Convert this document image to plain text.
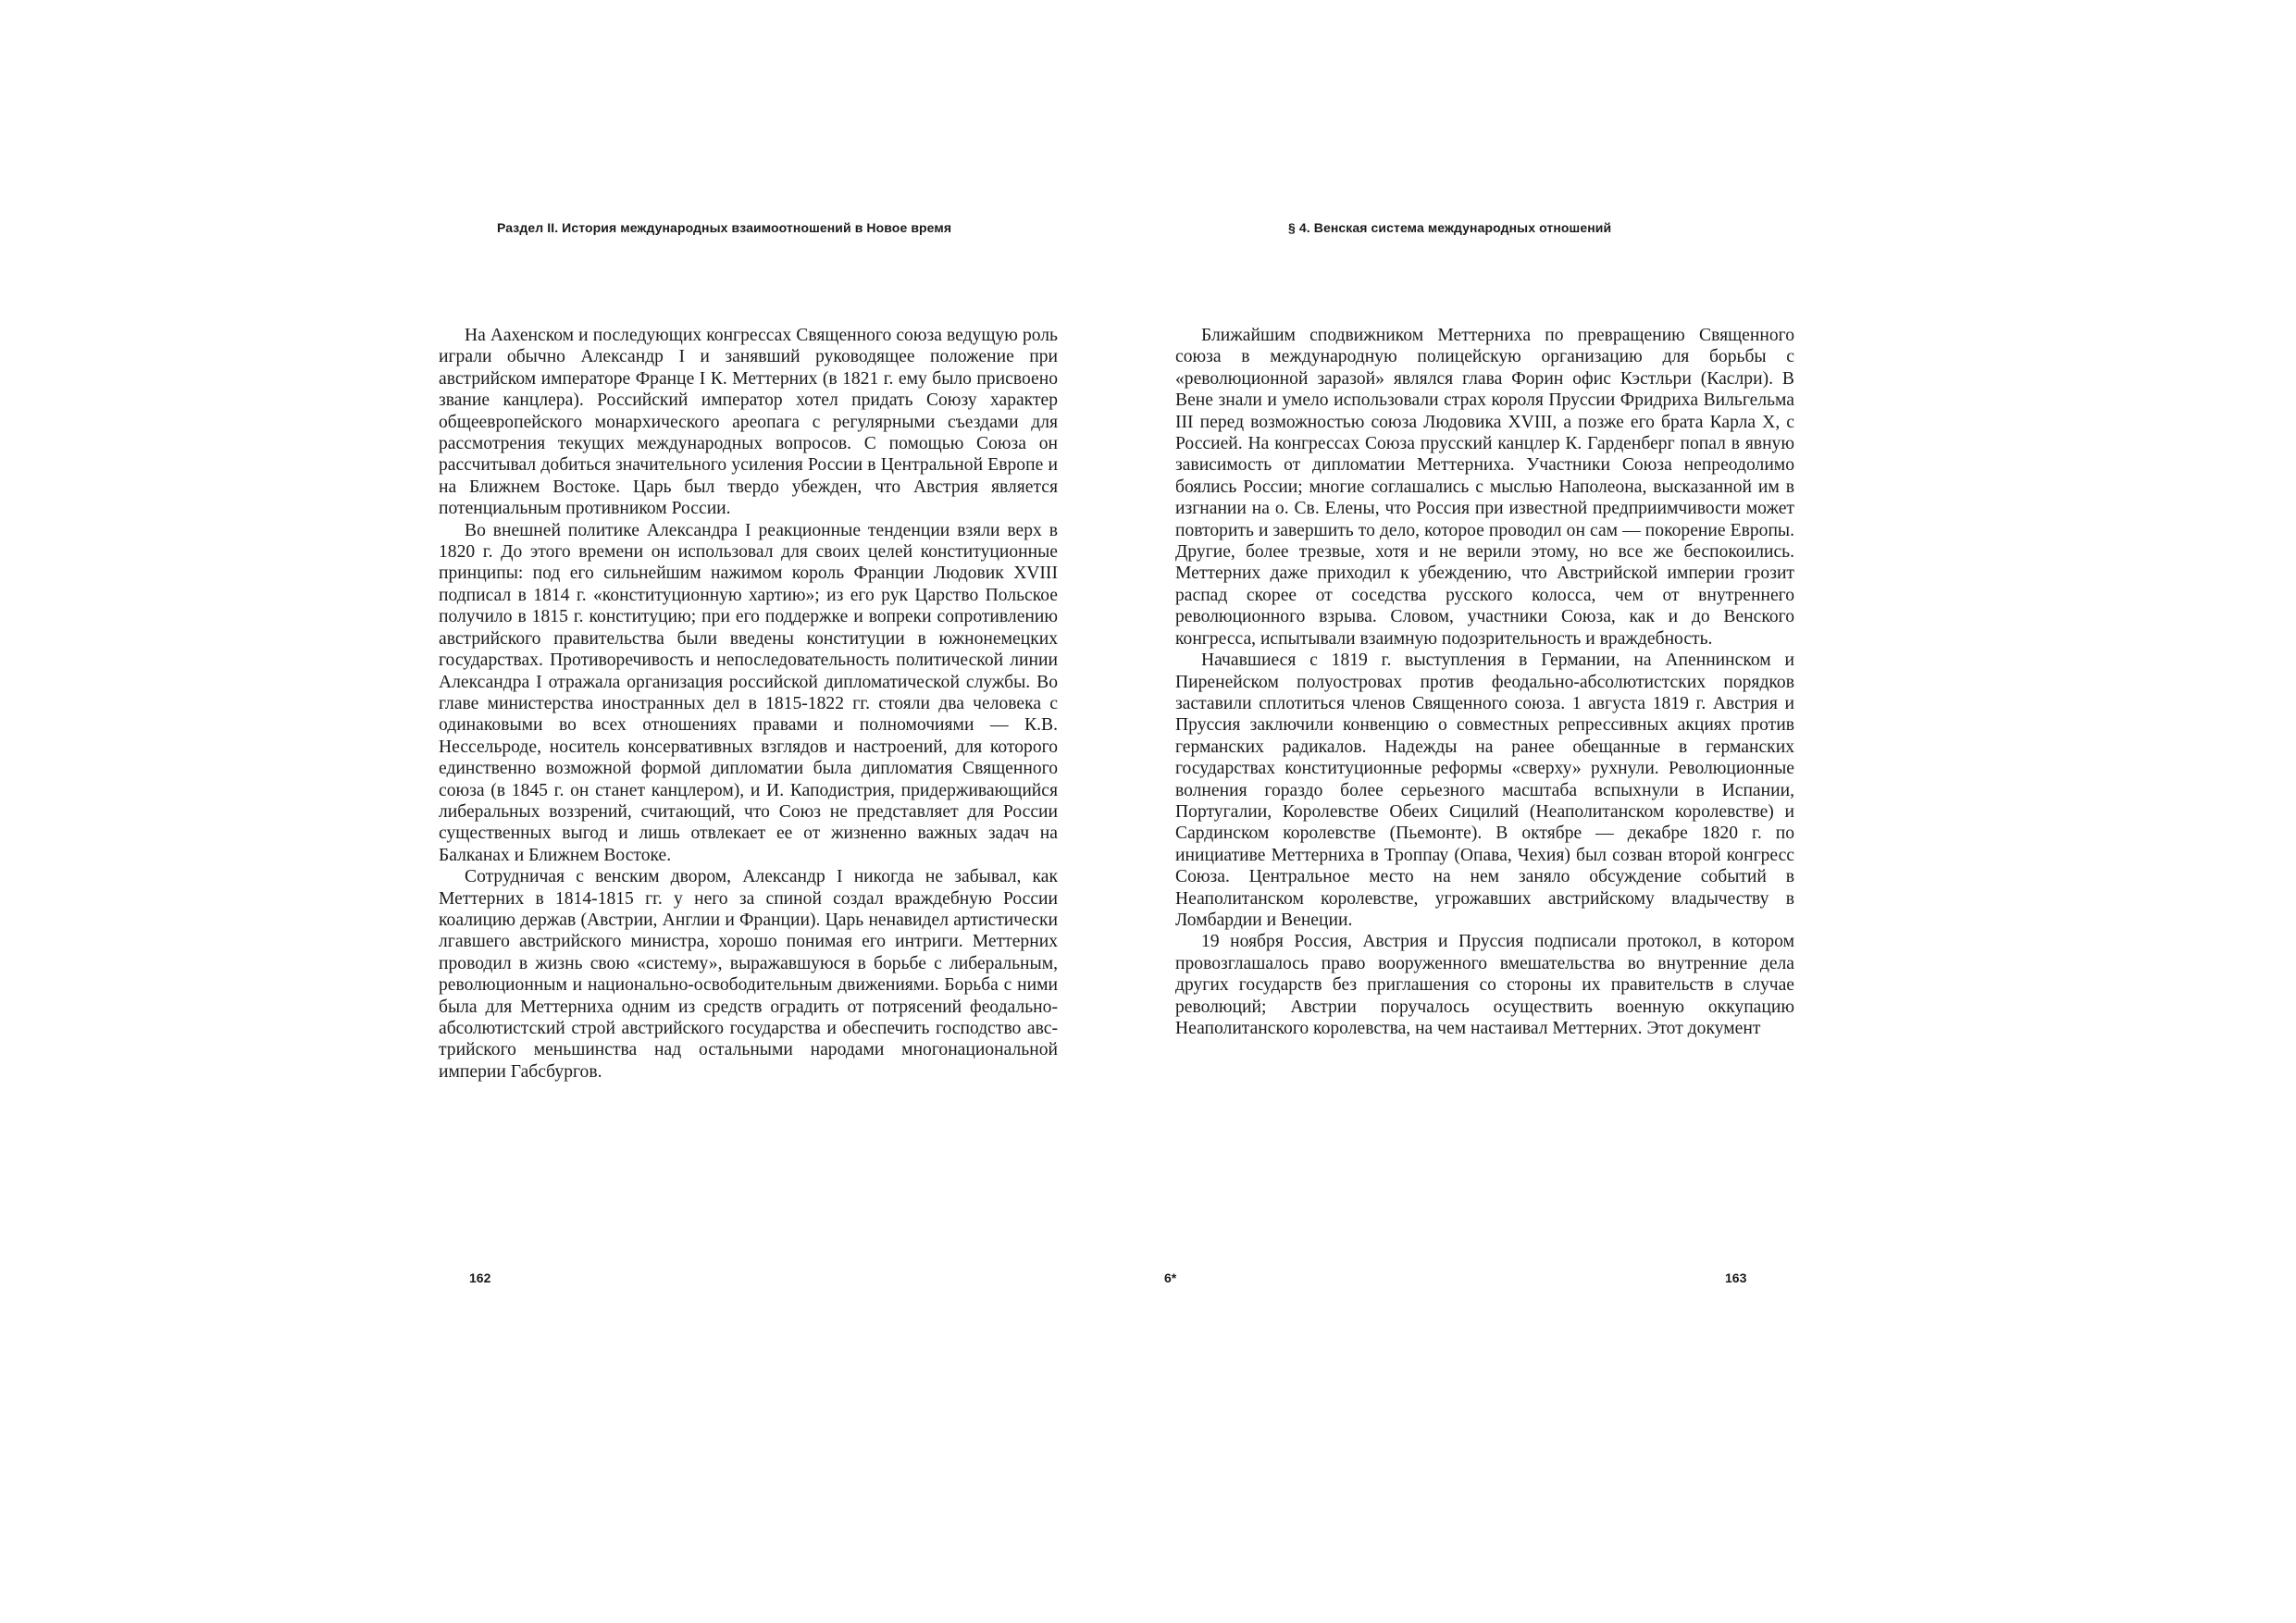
Раздел II. История международных взаимоотношений в Новое время

На Аахенском и последующих конгрессах Священного союза ведущую роль играли обычно Александр I и занявший руководящее положение при австрийском императоре Франце I К. Меттерних (в 1821 г. ему было присвоено звание канцлера). Российский император хотел придать Союзу характер общеевропейского монархического ареопага с регулярными съездами для рассмотрения текущих международных вопросов. С помощью Союза он рассчитывал добиться значительного усиления России в Центральной Европе и на Ближнем Востоке. Царь был твердо убежден, что Австрия является потенциальным противником России.

Во внешней политике Александра I реакционные тенденции взяли верх в 1820 г. До этого времени он использовал для своих целей конституционные принципы: под его сильнейшим нажимом король Франции Людовик XVIII подписал в 1814 г. «конституционную хартию»; из его рук Царство Польское получило в 1815 г. конституцию; при его поддержке и вопреки сопротивлению австрийского правительства были введены конституции в южнонемецких государствах. Противоречивость и непоследовательность политической линии Александра I отражала организация российской дипломатической службы. Во главе министерства иностранных дел в 1815-1822 гг. стояли два человека с одинаковыми во всех отношениях правами и полномочиями — К.В. Нессельроде, носитель консервативных взглядов и настроений, для которого единственно возможной формой дипломатии была дипломатия Священного союза (в 1845 г. он станет канцлером), и И. Каподистрия, придерживающийся либеральных воззрений, считающий, что Союз не представляет для России существенных выгод и лишь отвлекает ее от жизненно важных задач на Балканах и Ближнем Востоке.

Сотрудничая с венским двором, Александр I никогда не забывал, как Меттерних в 1814-1815 гг. у него за спиной создал враждебную России коалицию держав (Австрии, Англии и Франции). Царь ненавидел артистически лгавшего австрийского министра, хорошо понимая его интриги. Меттерних проводил в жизнь свою «систему», выражавшуюся в борьбе с либеральным, революционным и национально-освободительным движениями. Борьба с ними была для Меттерниха одним из средств оградить от потрясений феодально-абсолютистский строй австрийского государства и обеспечить господство австрийского меньшинства над остальными народами многонациональной империи Габсбургов.

162	6*
§ 4. Венская система международных отношений

Ближайшим сподвижником Меттерниха по превращению Священного союза в международную полицейскую организацию для борьбы с «революционной заразой» являлся глава Форин офис Кэстльри (Каслри). В Вене знали и умело использовали страх короля Пруссии Фридриха Вильгельма III перед возможностью союза Людовика XVIII, а позже его брата Карла X, с Россией. На конгрессах Союза прусский канцлер К. Гарденберг попал в явную зависимость от дипломатии Меттерниха. Участники Союза непреодолимо боялись России; многие соглашались с мыслью Наполеона, высказанной им в изгнании на о. Св. Елены, что Россия при известной предприимчивости может повторить и завершить то дело, которое проводил он сам — покорение Европы. Другие, более трезвые, хотя и не верили этому, но все же беспокоились. Меттерних даже приходил к убеждению, что Австрийской империи грозит распад скорее от соседства русского колосса, чем от внутреннего революционного взрыва. Словом, участники Союза, как и до Венского конгресса, испытывали взаимную подозрительность и враждебность.

Начавшиеся с 1819 г. выступления в Германии, на Апеннинском и Пиренейском полуостровах против феодально-абсолютистских порядков заставили сплотиться членов Священного союза. 1 августа 1819 г. Австрия и Пруссия заключили конвенцию о совместных репрессивных акциях против германских радикалов. Надежды на ранее обещанные в германских государствах конституционные реформы «сверху» рухнули. Революционные волнения гораздо более серьезного масштаба вспыхнули в Испании, Португалии, Королевстве Обеих Сицилий (Неаполитанском королевстве) и Сардинском королевстве (Пьемонте). В октябре — декабре 1820 г. по инициативе Меттерниха в Троппау (Опава, Чехия) был созван второй конгресс Союза. Центральное место на нем заняло обсуждение событий в Неаполитанском королевстве, угрожавших австрийскому владычеству в Ломбардии и Венеции.

19 ноября Россия, Австрия и Пруссия подписали протокол, в котором провозглашалось право вооруженного вмешательства во внутренние дела других государств без приглашения со стороны их правительств в случае революций; Австрии поручалось осуществить военную оккупацию Неаполитанского королевства, на чем настаивал Меттерних. Этот документ

163
